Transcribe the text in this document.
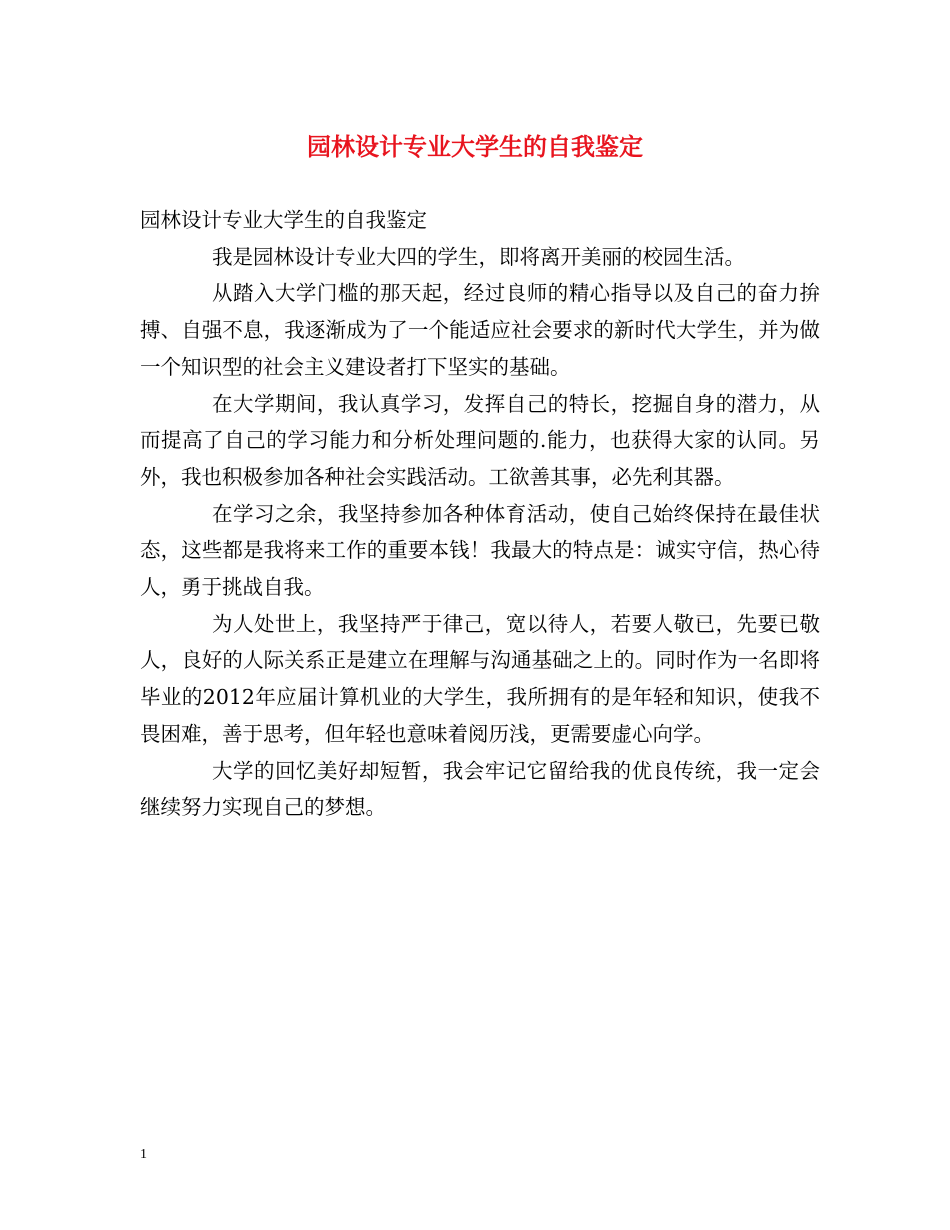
园林设计专业大学生的自我鉴定

园林设计专业大学生的自我鉴定

我是园林设计专业大四的学生，即将离开美丽的校园生活。

从踏入大学门槛的那天起，经过良师的精心指导以及自己的奋力拚搏、自强不息，我逐渐成为了一个能适应社会要求的新时代大学生，并为做一个知识型的社会主义建设者打下坚实的基础。

在大学期间，我认真学习，发挥自己的特长，挖掘自身的潜力，从而提高了自己的学习能力和分析处理问题的.能力，也获得大家的认同。另外，我也积极参加各种社会实践活动。工欲善其事，必先利其器。

在学习之余，我坚持参加各种体育活动，使自己始终保持在最佳状态，这些都是我将来工作的重要本钱！我最大的特点是：诚实守信，热心待人，勇于挑战自我。

为人处世上，我坚持严于律己，宽以待人，若要人敬已，先要已敬人，良好的人际关系正是建立在理解与沟通基础之上的。同时作为一名即将毕业的2012年应届计算机业的大学生，我所拥有的是年轻和知识，使我不畏困难，善于思考，但年轻也意味着阅历浅，更需要虚心向学。

大学的回忆美好却短暂，我会牢记它留给我的优良传统，我一定会继续努力实现自己的梦想。

1
